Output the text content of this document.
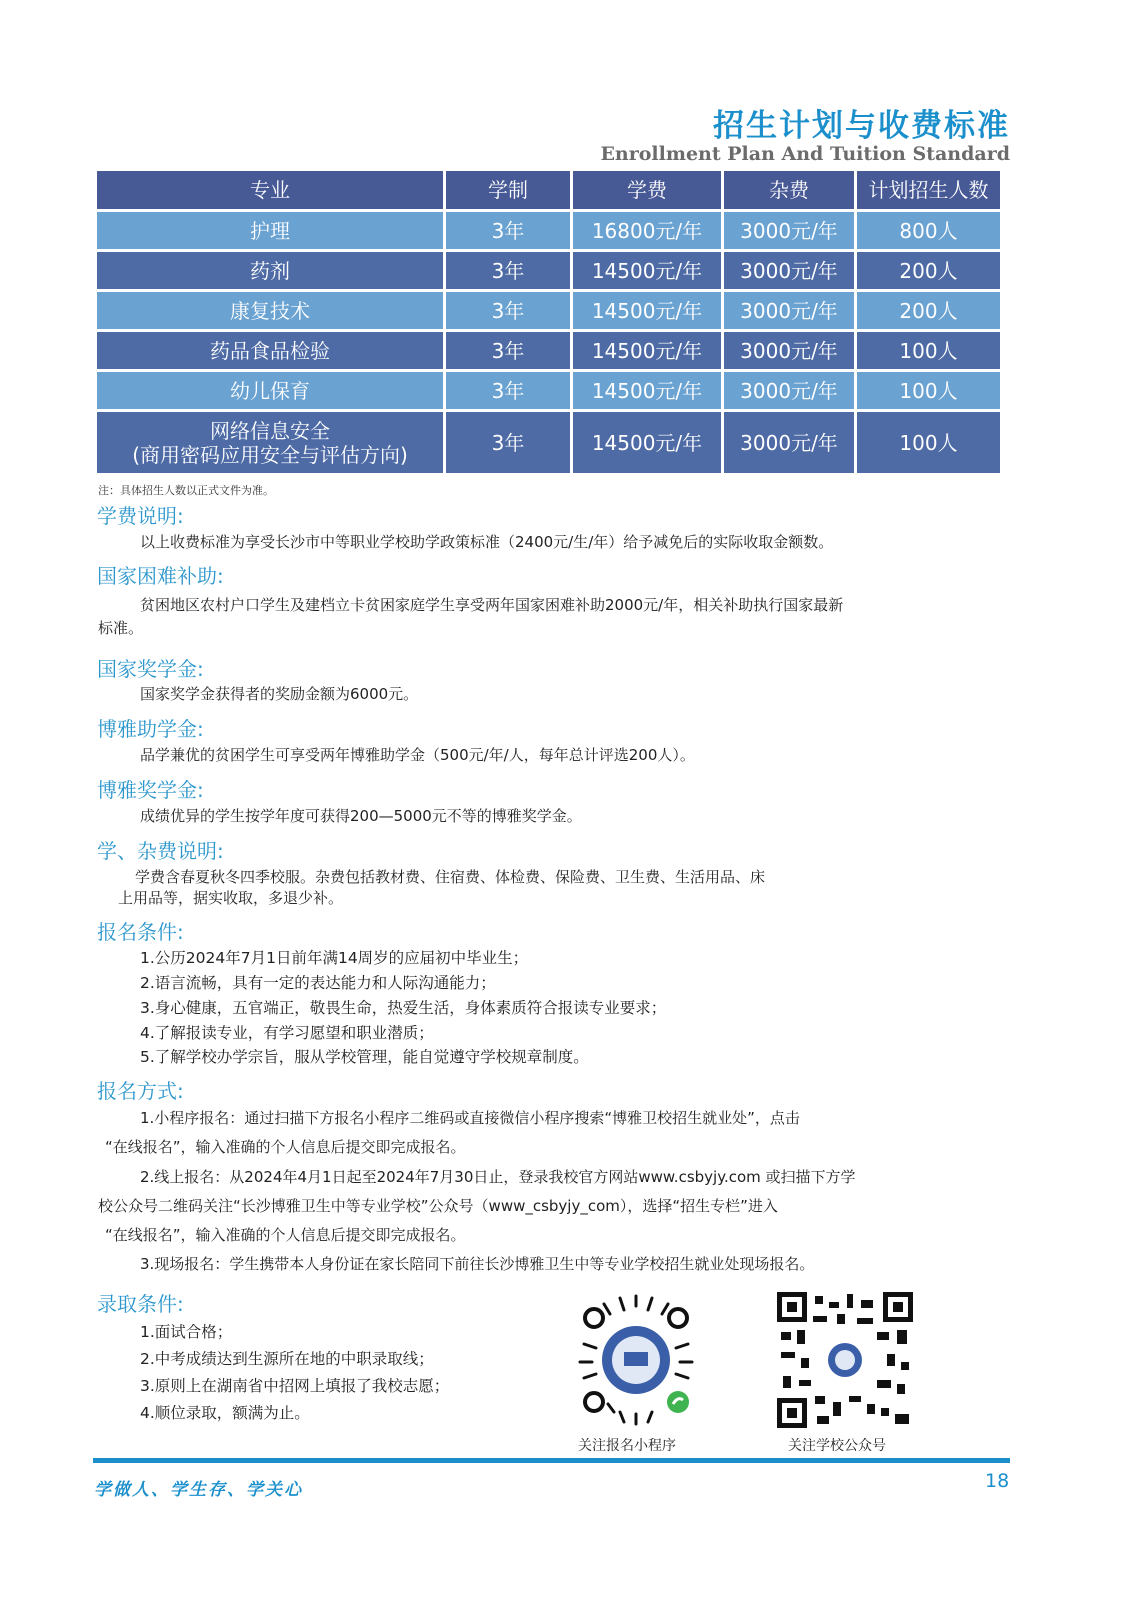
招生计划与收费标准
Enrollment Plan And Tuition Standard
专业	学制	学费	杂费	计划招生人数
护理	3年	16800元/年	3000元/年	800人
药剂	3年	14500元/年	3000元/年	200人
康复技术	3年	14500元/年	3000元/年	200人
药品食品检验	3年	14500元/年	3000元/年	100人
幼儿保育	3年	14500元/年	3000元/年	100人

网络信息安全
(商用密码应用安全与评估方向)	3年	14500元/年	3000元/年	100人
注：具体招生人数以正式文件为准。
学费说明:
以上收费标准为享受长沙市中等职业学校助学政策标准（2400元/生/年）给予减免后的实际收取金额数。
国家困难补助:
贫困地区农村户口学生及建档立卡贫困家庭学生享受两年国家困难补助2000元/年，相关补助执行国家最新
标准。
国家奖学金:
国家奖学金获得者的奖励金额为6000元。
博雅助学金:
品学兼优的贫困学生可享受两年博雅助学金（500元/年/人，每年总计评选200人）。
博雅奖学金:
成绩优异的学生按学年度可获得200—5000元不等的博雅奖学金。
学、杂费说明:
学费含春夏秋冬四季校服。杂费包括教材费、住宿费、体检费、保险费、卫生费、生活用品、床
上用品等，据实收取，多退少补。
报名条件:
1.公历2024年7月1日前年满14周岁的应届初中毕业生；
2.语言流畅，具有一定的表达能力和人际沟通能力；
3.身心健康，五官端正，敬畏生命，热爱生活，身体素质符合报读专业要求；
4.了解报读专业，有学习愿望和职业潜质；
5.了解学校办学宗旨，服从学校管理，能自觉遵守学校规章制度。
报名方式:
1.小程序报名：通过扫描下方报名小程序二维码或直接微信小程序搜索“博雅卫校招生就业处”，点击
“在线报名”，输入准确的个人信息后提交即完成报名。
2.线上报名：从2024年4月1日起至2024年7月30日止，登录我校官方网站www.csbyjy.com 或扫描下方学
校公众号二维码关注“长沙博雅卫生中等专业学校”公众号（www_csbyjy_com），选择“招生专栏”进入
“在线报名”，输入准确的个人信息后提交即完成报名。
3.现场报名：学生携带本人身份证在家长陪同下前往长沙博雅卫生中等专业学校招生就业处现场报名。
录取条件:
1.面试合格；
2.中考成绩达到生源所在地的中职录取线；
3.原则上在湖南省中招网上填报了我校志愿；
4.顺位录取，额满为止。
关注报名小程序	关注学校公众号
学做人、学生存、学关心	18
